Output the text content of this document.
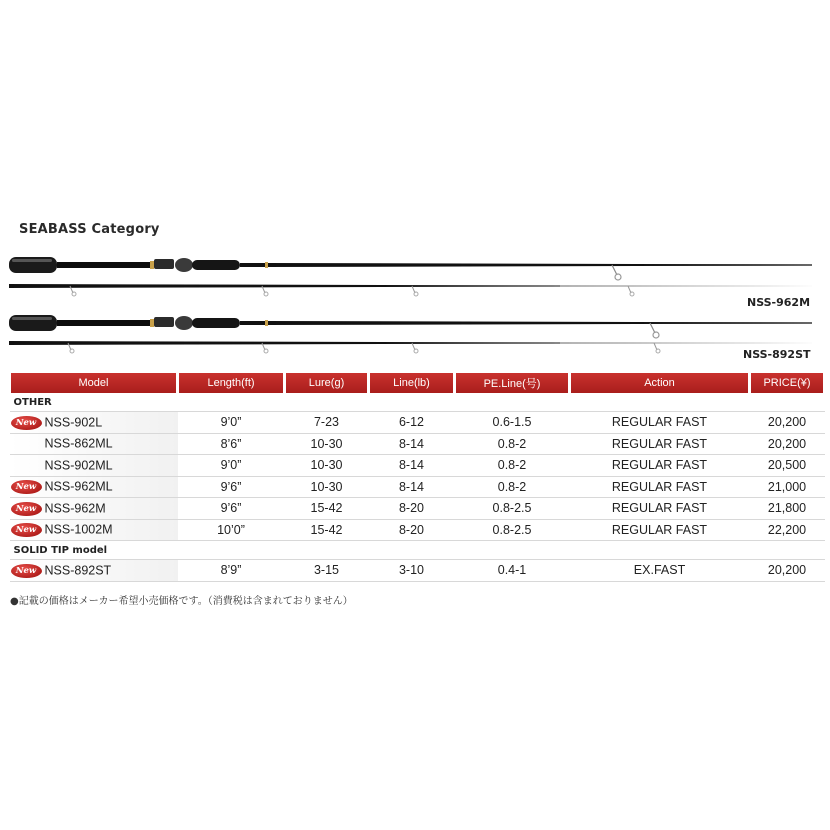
SEABASS Category
NSS-962M
NSS-892ST
Model	Length(ft)	Lure(g)	Line(lb)	PE.Line(号)	Action	PRICE(¥)
OTHER						
New NSS-902L	9’0”	7-23	6-12	0.6-1.5	REGULAR FAST	20,200
NSS-862ML	8’6”	10-30	8-14	0.8-2	REGULAR FAST	20,200
NSS-902ML	9’0”	10-30	8-14	0.8-2	REGULAR FAST	20,500
New NSS-962ML	9’6”	10-30	8-14	0.8-2	REGULAR FAST	21,000
New NSS-962M	9’6”	15-42	8-20	0.8-2.5	REGULAR FAST	21,800
New NSS-1002M	10’0”	15-42	8-20	0.8-2.5	REGULAR FAST	22,200
SOLID TIP model						
New NSS-892ST	8’9”	3-15	3-10	0.4-1	EX.FAST	20,200
●記載の価格はメーカー希望小売価格です。（消費税は含まれておりません）
